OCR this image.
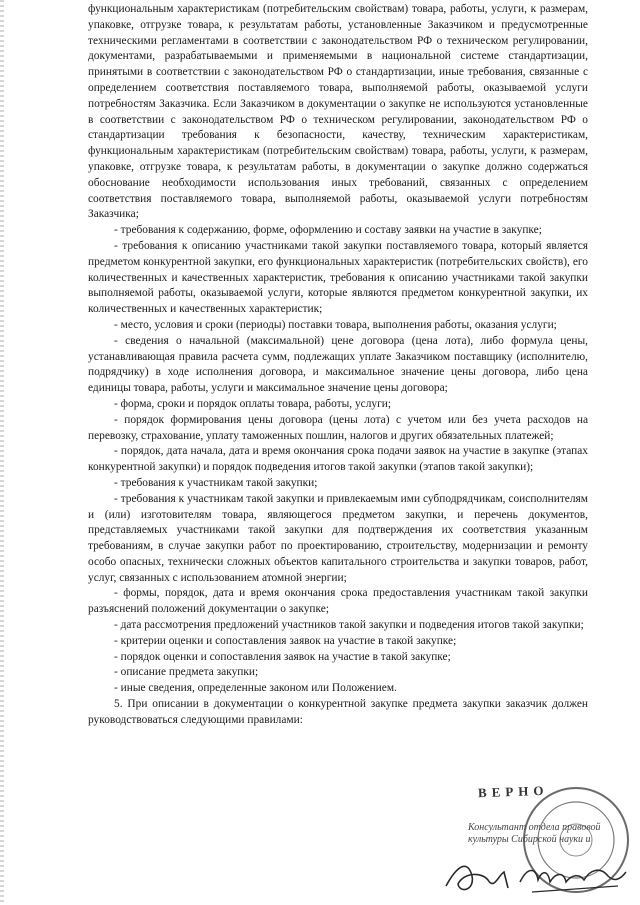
функциональным характеристикам (потребительским свойствам) товара, работы, услуги, к размерам, упаковке, отгрузке товара, к результатам работы, установленные Заказчиком и предусмотренные техническими регламентами в соответствии с законодательством РФ о техническом регулировании, документами, разрабатываемыми и применяемыми в национальной системе стандартизации, принятыми в соответствии с законодательством РФ о стандартизации, иные требования, связанные с определением соответствия поставляемого товара, выполняемой работы, оказываемой услуги потребностям Заказчика. Если Заказчиком в документации о закупке не используются установленные в соответствии с законодательством РФ о техническом регулировании, законодательством РФ о стандартизации требования к безопасности, качеству, техническим характеристикам, функциональным характеристикам (потребительским свойствам) товара, работы, услуги, к размерам, упаковке, отгрузке товара, к результатам работы, в документации о закупке должно содержаться обоснование необходимости использования иных требований, связанных с определением соответствия поставляемого товара, выполняемой работы, оказываемой услуги потребностям Заказчика;

- требования к содержанию, форме, оформлению и составу заявки на участие в закупке;

- требования к описанию участниками такой закупки поставляемого товара, который является предметом конкурентной закупки, его функциональных характеристик (потребительских свойств), его количественных и качественных характеристик, требования к описанию участниками такой закупки выполняемой работы, оказываемой услуги, которые являются предметом конкурентной закупки, их количественных и качественных характеристик;

- место, условия и сроки (периоды) поставки товара, выполнения работы, оказания услуги;

- сведения о начальной (максимальной) цене договора (цена лота), либо формула цены, устанавливающая правила расчета сумм, подлежащих уплате Заказчиком поставщику (исполнителю, подрядчику) в ходе исполнения договора, и максимальное значение цены договора, либо цена единицы товара, работы, услуги и максимальное значение цены договора;

- форма, сроки и порядок оплаты товара, работы, услуги;

- порядок формирования цены договора (цены лота) с учетом или без учета расходов на перевозку, страхование, уплату таможенных пошлин, налогов и других обязательных платежей;

- порядок, дата начала, дата и время окончания срока подачи заявок на участие в закупке (этапах конкурентной закупки) и порядок подведения итогов такой закупки (этапов такой закупки);

- требования к участникам такой закупки;

- требования к участникам такой закупки и привлекаемым ими субподрядчикам, соисполнителям и (или) изготовителям товара, являющегося предметом закупки, и перечень документов, представляемых участниками такой закупки для подтверждения их соответствия указанным требованиям, в случае закупки работ по проектированию, строительству, модернизации и ремонту особо опасных, технически сложных объектов капитального строительства и закупки товаров, работ, услуг, связанных с использованием атомной энергии;

- формы, порядок, дата и время окончания срока предоставления участникам такой закупки разъяснений положений документации о закупке;

- дата рассмотрения предложений участников такой закупки и подведения итогов такой закупки;

- критерии оценки и сопоставления заявок на участие в такой закупке;

- порядок оценки и сопоставления заявок на участие в такой закупке;

- описание предмета закупки;

- иные сведения, определенные законом или Положением.

5. При описании в документации о конкурентной закупке предмета закупки заказчик должен руководствоваться следующими правилами:

ВЕРНО
Консультант отдела правовой
культуры Сибирской науки и
